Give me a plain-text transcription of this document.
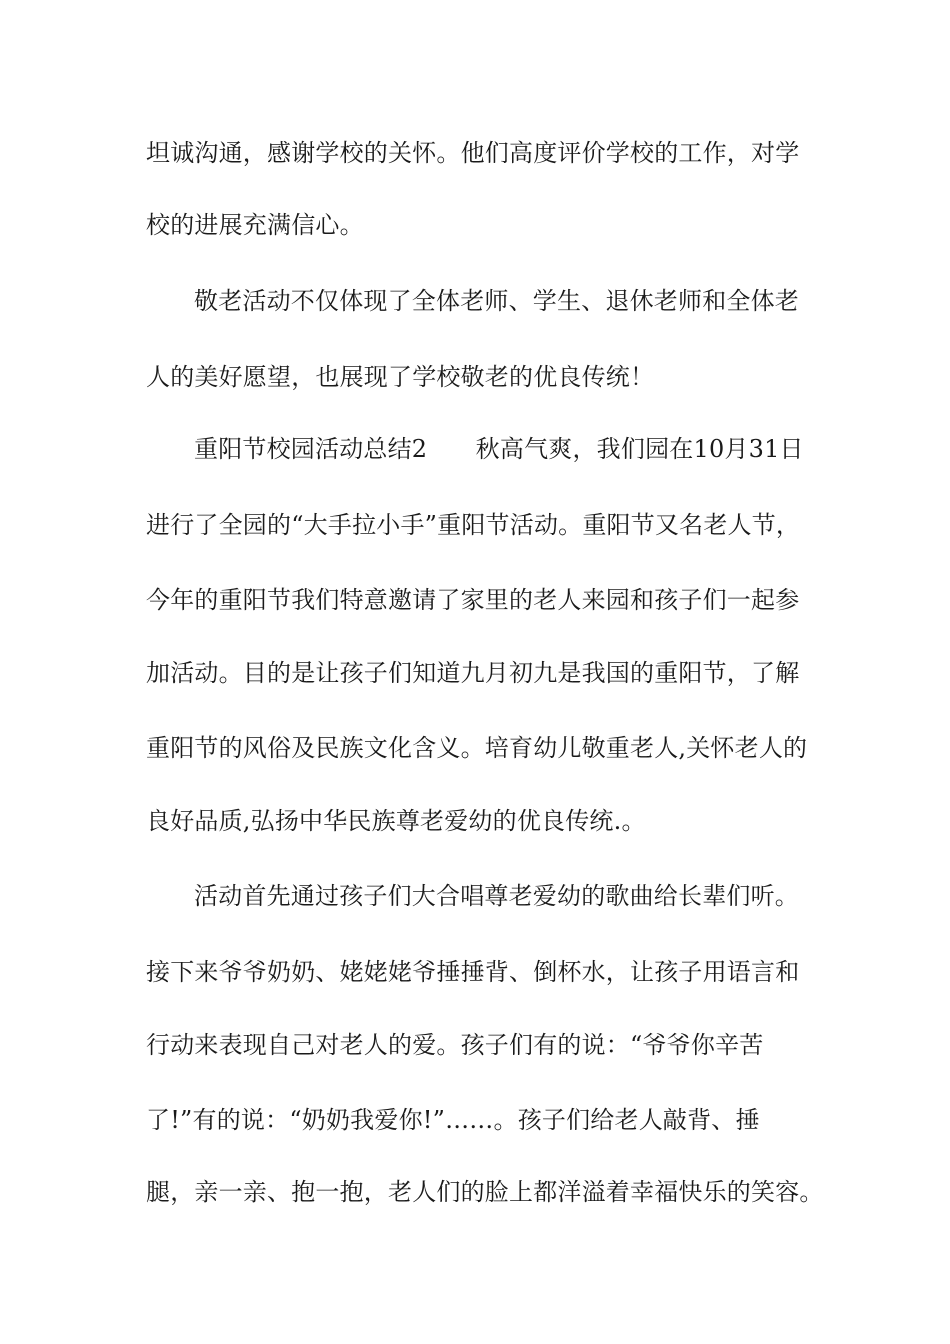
坦诚沟通，感谢学校的关怀。他们高度评价学校的工作，对学
校的进展充满信心。
敬老活动不仅体现了全体老师、学生、退休老师和全体老
人的美好愿望，也展现了学校敬老的优良传统！
重阳节校园活动总结2　　秋高气爽，我们园在10月31日
进行了全园的“大手拉小手”重阳节活动。重阳节又名老人节，
今年的重阳节我们特意邀请了家里的老人来园和孩子们一起参
加活动。目的是让孩子们知道九月初九是我国的重阳节，了解
重阳节的风俗及民族文化含义。培育幼儿敬重老人,关怀老人的
良好品质,弘扬中华民族尊老爱幼的优良传统.。
活动首先通过孩子们大合唱尊老爱幼的歌曲给长辈们听。
接下来爷爷奶奶、姥姥姥爷捶捶背、倒杯水，让孩子用语言和
行动来表现自己对老人的爱。孩子们有的说：“爷爷你辛苦
了!”有的说：“奶奶我爱你!”……。孩子们给老人敲背、捶
腿，亲一亲、抱一抱，老人们的脸上都洋溢着幸福快乐的笑容。
